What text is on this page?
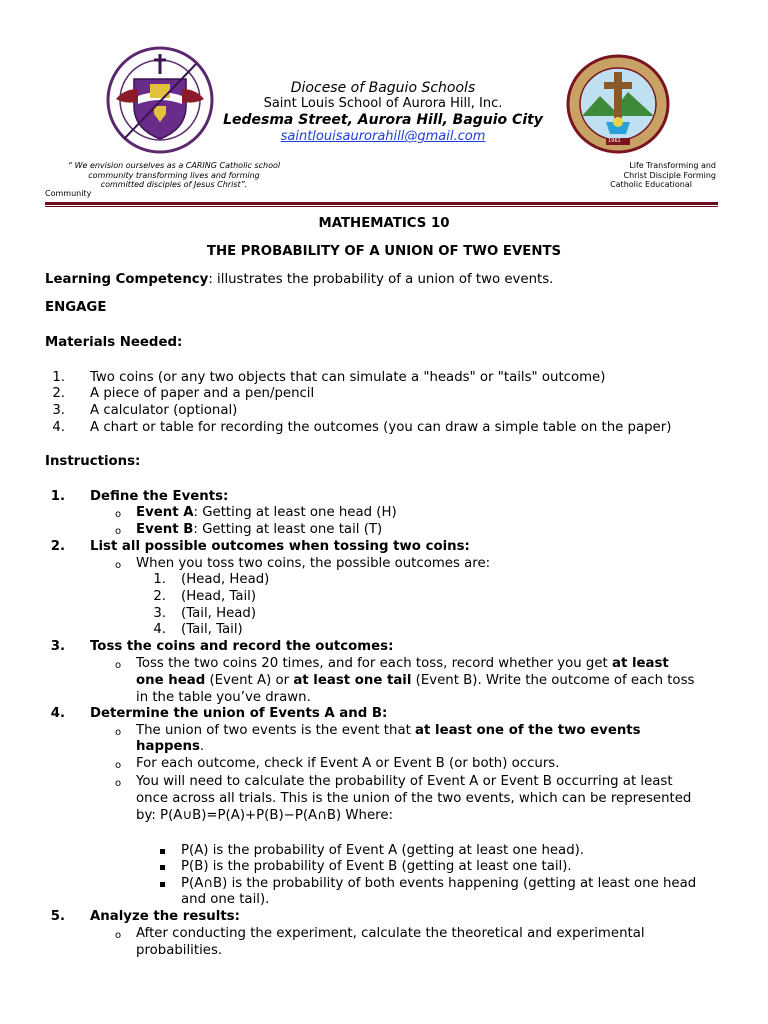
1962
Diocese of Baguio Schools
Saint Louis School of Aurora Hill, Inc.
Ledesma Street, Aurora Hill, Baguio City
saintlouisaurorahill@gmail.com
“ We envision ourselves as a CARING Catholic school
community transforming lives and forming
committed disciples of Jesus Christ”.
Community
Life Transforming and
Christ Disciple Forming
Catholic Educational
MATHEMATICS 10
THE PROBABILITY OF A UNION OF TWO EVENTS
Learning Competency: illustrates the probability of a union of two events.
ENGAGE
Materials Needed:
1. Two coins (or any two objects that can simulate a "heads" or "tails" outcome)
2. A piece of paper and a pen/pencil
3. A calculator (optional)
4. A chart or table for recording the outcomes (you can draw a simple table on the paper)
Instructions:
1. Define the Events:
o Event A: Getting at least one head (H)
o Event B: Getting at least one tail (T)
2. List all possible outcomes when tossing two coins:
o When you toss two coins, the possible outcomes are:
1. (Head, Head)
2. (Head, Tail)
3. (Tail, Head)
4. (Tail, Tail)
3. Toss the coins and record the outcomes:
o Toss the two coins 20 times, and for each toss, record whether you get at least
one head (Event A) or at least one tail (Event B). Write the outcome of each toss
in the table you’ve drawn.
4. Determine the union of Events A and B:
o The union of two events is the event that at least one of the two events
happens.
o For each outcome, check if Event A or Event B (or both) occurs.
o You will need to calculate the probability of Event A or Event B occurring at least
once across all trials. This is the union of the two events, which can be represented
by: P(A∪B)=P(A)+P(B)−P(A∩B) Where:
P(A) is the probability of Event A (getting at least one head).
P(B) is the probability of Event B (getting at least one tail).
P(A∩B) is the probability of both events happening (getting at least one head
and one tail).
5. Analyze the results:
o After conducting the experiment, calculate the theoretical and experimental
probabilities.
